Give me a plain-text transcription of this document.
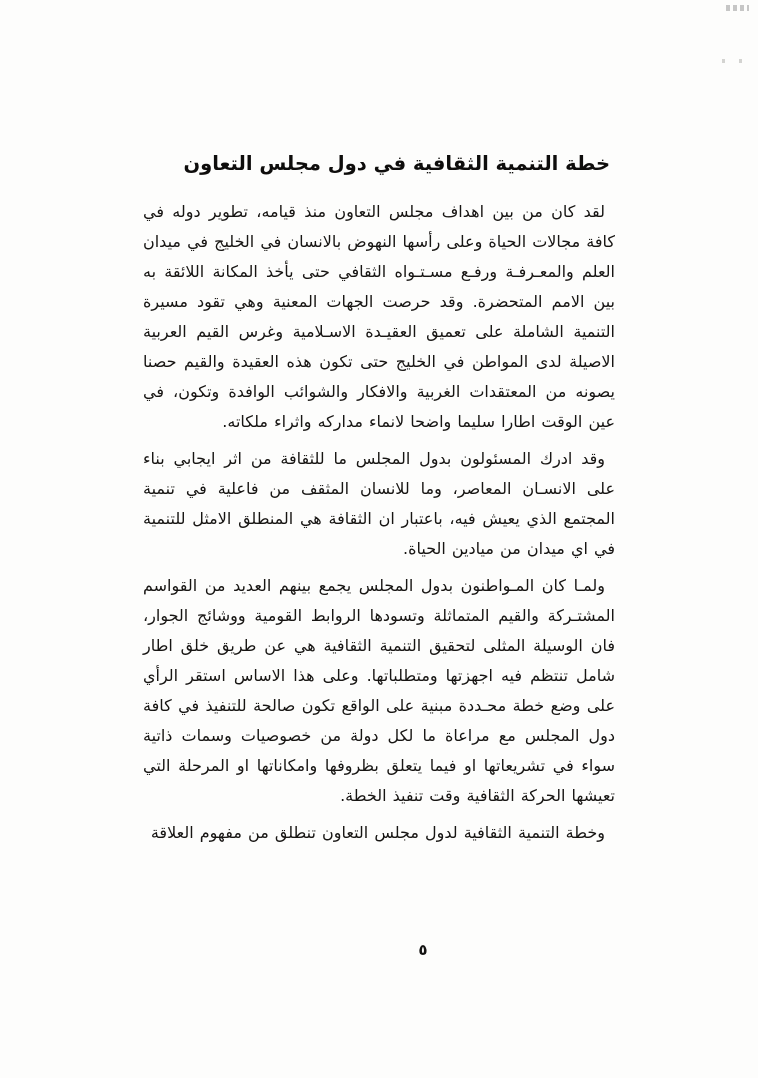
خطة التنمية الثقافية في دول مجلس التعاون

لقد كان من بين اهداف مجلس التعاون منذ قيامه، تطوير دوله في كافة مجالات الحياة وعلى رأسها النهوض بالانسان في الخليج في ميدان العلم والمعـرفـة ورفـع مسـتـواه الثقافي حتى يأخذ المكانة اللائقة به بين الامم المتحضرة. وقد حرصت الجهات المعنية وهي تقود مسيرة التنمية الشاملة على تعميق العقيـدة الاسـلامية وغرس القيم العربية الاصيلة لدى المواطن في الخليج حتى تكون هذه العقيدة والقيم حصنا يصونه من المعتقدات الغربية والافكار والشوائب الوافدة وتكون، في عين الوقت اطارا سليما واضحا لانماء مداركه واثراء ملكاته.

وقد ادرك المسئولون بدول المجلس ما للثقافة من اثر ايجابي بناء على الانسـان المعاصر، وما للانسان المثقف من فاعلية في تنمية المجتمع الذي يعيش فيه، باعتبار ان الثقافة هي المنطلق الامثل للتنمية في اي ميدان من ميادين الحياة.

ولمـا كان المـواطنون بدول المجلس يجمع بينهم العديد من القواسم المشتـركة والقيم المتماثلة وتسودها الروابط القومية ووشائج الجوار، فان الوسيلة المثلى لتحقيق التنمية الثقافية هي عن طريق خلق اطار شامل تنتظم فيه اجهزتها ومتطلباتها. وعلى هذا الاساس استقر الرأي على وضع خطة محـددة مبنية على الواقع تكون صالحة للتنفيذ في كافة دول المجلس مع مراعاة ما لكل دولة من خصوصيات وسمات ذاتية سواء في تشريعاتها او فيما يتعلق بظروفها وامكاناتها او المرحلة التي تعيشها الحركة الثقافية وقت تنفيذ الخطة.

وخطة التنمية الثقافية لدول مجلس التعاون تنطلق من مفهوم العلاقة

٥
